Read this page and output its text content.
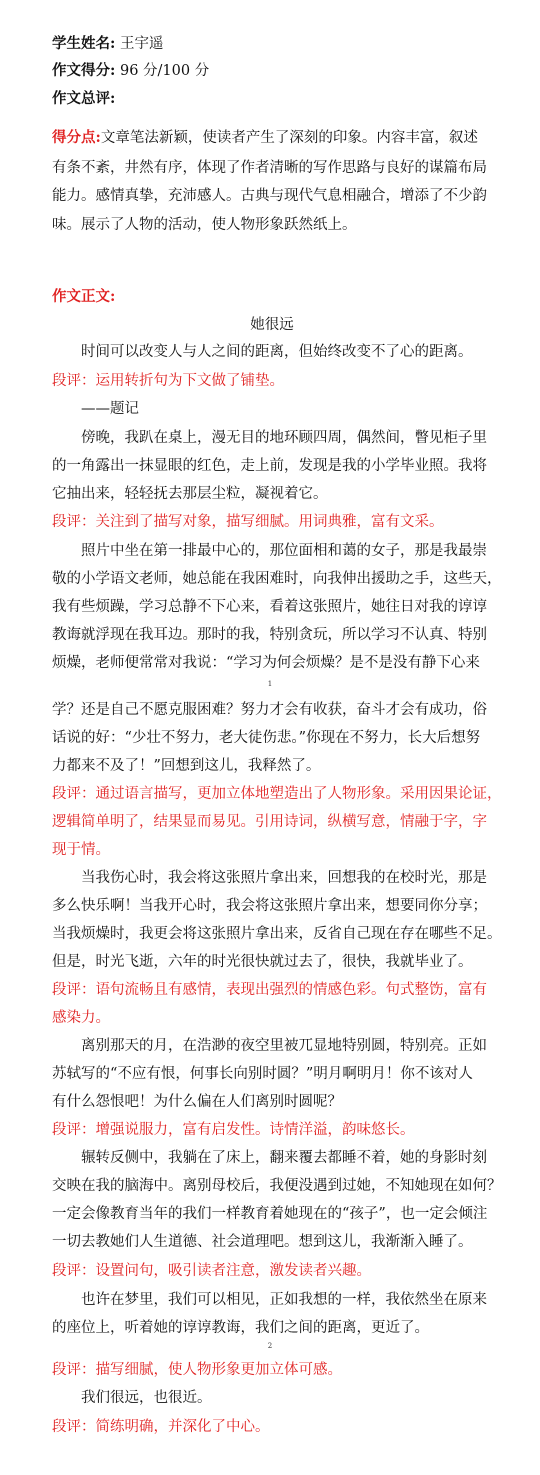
学生姓名: 王宇遥
作文得分: 96 分/100 分
作文总评:
得分点:文章笔法新颖，使读者产生了深刻的印象。内容丰富，叙述
有条不紊，井然有序，体现了作者清晰的写作思路与良好的谋篇布局
能力。感情真挚，充沛感人。古典与现代气息相融合，增添了不少韵
味。展示了人物的活动，使人物形象跃然纸上。
作文正文:
她很远
时间可以改变人与人之间的距离，但始终改变不了心的距离。
段评：运用转折句为下文做了铺垫。
——题记
傍晚，我趴在桌上，漫无目的地环顾四周，偶然间，瞥见柜子里
的一角露出一抹显眼的红色，走上前，发现是我的小学毕业照。我将
它抽出来，轻轻抚去那层尘粒，凝视着它。
段评：关注到了描写对象，描写细腻。用词典雅，富有文采。
照片中坐在第一排最中心的，那位面相和蔼的女子，那是我最崇
敬的小学语文老师，她总能在我困难时，向我伸出援助之手，这些天，
我有些烦躁，学习总静不下心来，看着这张照片，她往日对我的谆谆
教诲就浮现在我耳边。那时的我，特别贪玩，所以学习不认真、特别
烦燥，老师便常常对我说：“学习为何会烦燥？是不是没有静下心来
1
学？还是自己不愿克服困难？努力才会有收获，奋斗才会有成功，俗
话说的好：“少壮不努力，老大徒伤悲。”你现在不努力，长大后想努
力都来不及了！”回想到这儿，我释然了。
段评：通过语言描写，更加立体地塑造出了人物形象。采用因果论证，
逻辑简单明了，结果显而易见。引用诗词，纵横写意，情融于字，字
现于情。
当我伤心时，我会将这张照片拿出来，回想我的在校时光，那是
多么快乐啊！当我开心时，我会将这张照片拿出来，想要同你分享；
当我烦燥时，我更会将这张照片拿出来，反省自己现在存在哪些不足。
但是，时光飞逝，六年的时光很快就过去了，很快，我就毕业了。
段评：语句流畅且有感情，表现出强烈的情感色彩。句式整饬，富有
感染力。
离别那天的月，在浩渺的夜空里被兀显地特别圆，特别亮。正如
苏轼写的“不应有恨，何事长向别时圆？”明月啊明月！你不该对人
有什么怨恨吧！为什么偏在人们离别时圆呢？
段评：增强说服力，富有启发性。诗情洋溢，韵味悠长。
辗转反侧中，我躺在了床上，翻来覆去都睡不着，她的身影时刻
交映在我的脑海中。离别母校后，我便没遇到过她，不知她现在如何？
一定会像教育当年的我们一样教育着她现在的“孩子”，也一定会倾注
一切去教她们人生道德、社会道理吧。想到这儿，我渐渐入睡了。
段评：设置问句，吸引读者注意，激发读者兴趣。
也许在梦里，我们可以相见，正如我想的一样，我依然坐在原来
的座位上，听着她的谆谆教诲，我们之间的距离，更近了。
2
段评：描写细腻，使人物形象更加立体可感。
我们很远，也很近。
段评：简练明确，并深化了中心。
